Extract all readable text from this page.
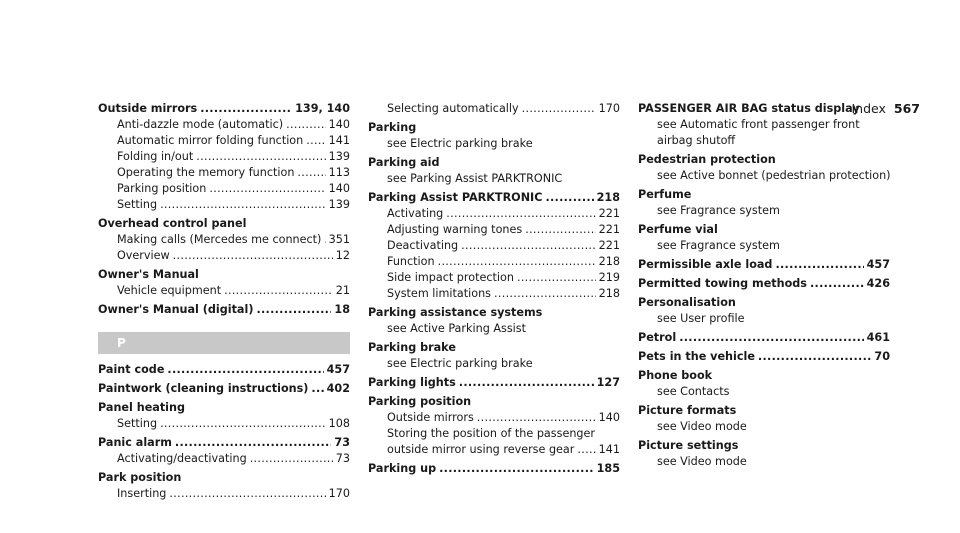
Index 567
Outside mirrors .....	139, 140
Anti-dazzle mode (automatic) .....	140
Automatic mirror folding function ..... 141
Folding in/out .....	139
Operating the memory function .....	113
Parking position .....	140
Setting .....	139
Overhead control panel
Making calls (Mercedes me connect) ..... 351
Overview .....	12
Owner's Manual
Vehicle equipment .....	21
Owner's Manual (digital) .....	18
P
Paint code .....	457
Paintwork (cleaning instructions) ..... 402
Panel heating
Setting .....	108
Panic alarm .....	73
Activating/deactivating .....	73
Park position
Inserting .....	170
Selecting automatically .....	170
Parking
see Electric parking brake
Parking aid
see Parking Assist PARKTRONIC
Parking Assist PARKTRONIC .....	218
Activating .....	221
Adjusting warning tones .....	221
Deactivating .....	221
Function .....	218
Side impact protection .....	219
System limitations .....	218
Parking assistance systems
see Active Parking Assist
Parking brake
see Electric parking brake
Parking lights .....	127
Parking position
Outside mirrors .....	140
Storing the position of the passenger
outside mirror using reverse gear ..... 141
Parking up .....	185
PASSENGER AIR BAG status display
see Automatic front passenger front
airbag shutoff
Pedestrian protection
see Active bonnet (pedestrian protection)
Perfume
see Fragrance system
Perfume vial
see Fragrance system
Permissible axle load .....	457
Permitted towing methods .....	426
Personalisation
see User profile
Petrol .....	461
Pets in the vehicle .....	70
Phone book
see Contacts
Picture formats
see Video mode
Picture settings
see Video mode
